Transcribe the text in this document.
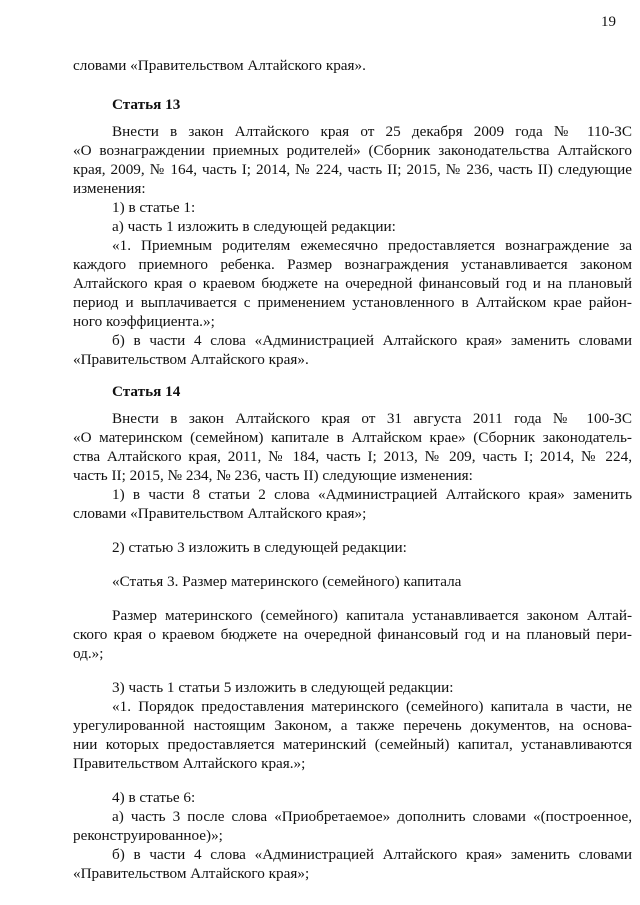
19
словами «Правительством Алтайского края».
Статья 13
Внести в закон Алтайского края от 25 декабря 2009 года № 110-ЗС
«О вознаграждении приемных родителей» (Сборник законодательства Алтайского
края, 2009, № 164, часть I; 2014, № 224, часть II; 2015, № 236, часть II) следующие
изменения:
1) в статье 1:
а) часть 1 изложить в следующей редакции:
«1. Приемным родителям ежемесячно предоставляется вознаграждение за
каждого приемного ребенка. Размер вознаграждения устанавливается законом
Алтайского края о краевом бюджете на очередной финансовый год и на плановый
период и выплачивается с применением установленного в Алтайском крае район-
ного коэффициента.»;
б) в части 4 слова «Администрацией Алтайского края» заменить словами
«Правительством Алтайского края».
Статья 14
Внести в закон Алтайского края от 31 августа 2011 года № 100-ЗС
«О материнском (семейном) капитале в Алтайском крае» (Сборник законодатель-
ства Алтайского края, 2011, № 184, часть I; 2013, № 209, часть I; 2014, № 224,
часть II; 2015, № 234, № 236, часть II) следующие изменения:
1) в части 8 статьи 2 слова «Администрацией Алтайского края» заменить
словами «Правительством Алтайского края»;
2) статью 3 изложить в следующей редакции:
«Статья 3. Размер материнского (семейного) капитала
Размер материнского (семейного) капитала устанавливается законом Алтай-
ского края о краевом бюджете на очередной финансовый год и на плановый пери-
од.»;
3) часть 1 статьи 5 изложить в следующей редакции:
«1. Порядок предоставления материнского (семейного) капитала в части, не
урегулированной настоящим Законом, а также перечень документов, на основа-
нии которых предоставляется материнский (семейный) капитал, устанавливаются
Правительством Алтайского края.»;
4) в статье 6:
а) часть 3 после слова «Приобретаемое» дополнить словами «(построенное,
реконструированное)»;
б) в части 4 слова «Администрацией Алтайского края» заменить словами
«Правительством Алтайского края»;
